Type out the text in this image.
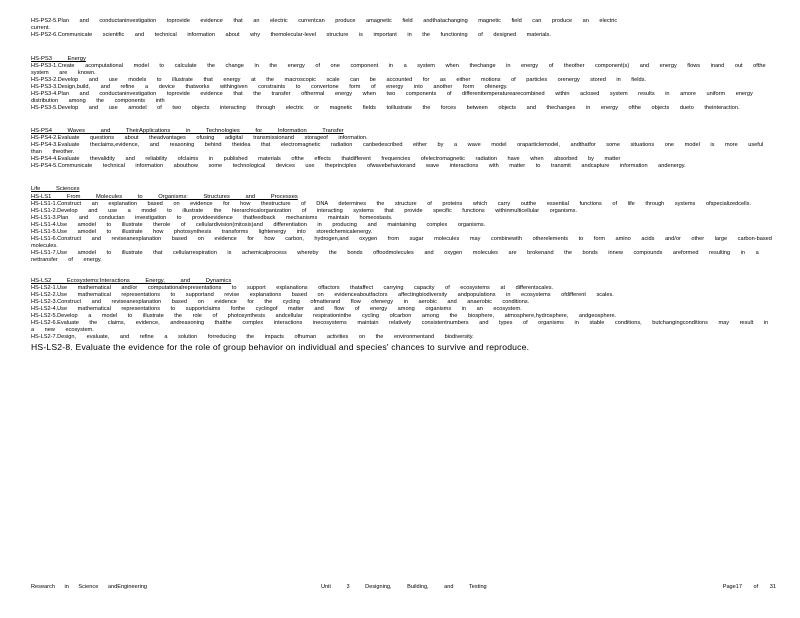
HS-PS2-5.Plan and conductaninvestigation toprovide evidence that an electric currentcan produce amagnetic field andthatachanging magnetic field can produce an electric
current.
HS-PS2-6.Communicate scientific and technical information about why themolecular-level structure is important in the functioning of designed materials.
HS-PS3 Energy
HS-PS3-1.Create acomputational model to calculate the change in the energy of one component in a system when thechange in energy of theother component(s) and energy flows inand out ofthe system are known.
HS-PS3-2.Develop and use models to illustrate that energy at the macroscopic scale can be accounted for as either motions of particles orenergy stored in fields.
HS-PS3-3.Design,build, and refine a device thatworks withingiven constraints to convertone form of energy into another form ofenergy.
HS-PS3-4.Plan and conductaninvestigation toprovide evidence that the transfer ofthermal energy when two components of differenttemperaturearecombined within aclosed system results in amore uniform energy distribution among the components inth
HS-PS3-5.Develop and use amodel of two objects interacting through electric or magnetic fields toillustrate the forces between objects and thechanges in energy ofthe objects dueto theinteraction.
HS-PS4 Waves and TheirApplications in Technologies for Information Transfer
HS-PS4-2.Evaluate questions about theadvantages ofusing adigital transmissionand storageof information.
HS-PS4-3.Evaluate theclaims,evidence, and reasoning behind theidea that electromagnetic radiation canbedescribed either by a wave model oraparticlemodel, andthatfor some situations one model is more useful than theother.
HS-PS4-4.Evaluate thevalidity and reliability ofclaims in published materials ofthe effects thatdifferent frequencies ofelectromagnetic radiation have when absorbed by matter
HS-PS4-5.Communicate technical information abouthow some technological devices use theprinciples ofwavebehaviorand wave interactions with matter to transmit andcapture information andenergy.
Life Sciences
HS-LS1 From Molecules to Organisms: Structures and Processes
HS-LS1-1.Construct an explanation based on evidence for how thestructure of DNA determines the structure of proteins which carry outthe essential functions of life through systems ofspecializedcells.
HS-LS1-2.Develop and use a model to illustrate the hierarchicalorganization of interacting systems that provide specific functions withinmulticellular organisms.
HS-LS1-3.Plan and conductan investigation to provideevidence thatfeedback mechanisms maintain homeostasis.
HS-LS1-4.Use amodel to illustrate therole of cellulardivision(mitosis)and differentiation in producing and maintaining complex organisms.
HS-LS1-5.Use amodel to illustrate how photosynthesis transforms lightenergy into storedchemicalenergy.
HS-LS1-6.Construct and reviseanexplanation based on evidence for how carbon, hydrogen,and oxygen from sugar molecules may combinewith otherelements to form amino acids and/or other large carbon-based molecules.
HS-LS1-7.Use amodel to illustrate that cellularrespiration is achemicalprocess whereby the bonds offoodmolecules and oxygen molecules are brokenand the bonds innew compounds areformed resulting in a nettransfer of energy.
HS-LS2 Ecosystems:Interactions Energy, and Dynamics
HS-LS2-1.Use mathematical and/or computationalrepresentations to support explanations offactors thataffect carrying capacity of ecosystems at differentscales.
HS-LS2-2.Use mathematical representations to supportand revise explanations based on evidenceaboutfactors affectingbiodiversity andpopulations in ecosystems ofdifferent scales.
HS-LS2-3.Construct and reviseanexplanation based on evidence for the cycling ofmatterand flow ofenergy in aerobic and anaerobic conditions.
HS-LS2-4.Use mathematical representations to supportclaims forthe cyclingof matter and flow of energy among organisms in an ecosystem.
HS-LS2-5.Develop a model to illustrate the role of photosynthesis andcellular respirationinthe cycling ofcarbon among the biosphere, atmosphere,hydrosphere, andgeosphere.
HS-LS2-6.Evaluate the claims, evidence, andreasoning thatthe complex interactions inecosystems maintain relatively consistentnumbers and types of organisms in stable conditions, butchangingconditions may result in a new ecosystem.
HS-LS2-7.Design, evaluate, and refine a solution forreducing the impacts ofhuman activities on the environmentand biodiversity.
HS-LS2-8. Evaluate the evidence for the role of group behavior on individual and species' chances to survive and reproduce.
Research in Science andEngineering	Unit 3 Designing, Building, and Testing	Page17 of 31
